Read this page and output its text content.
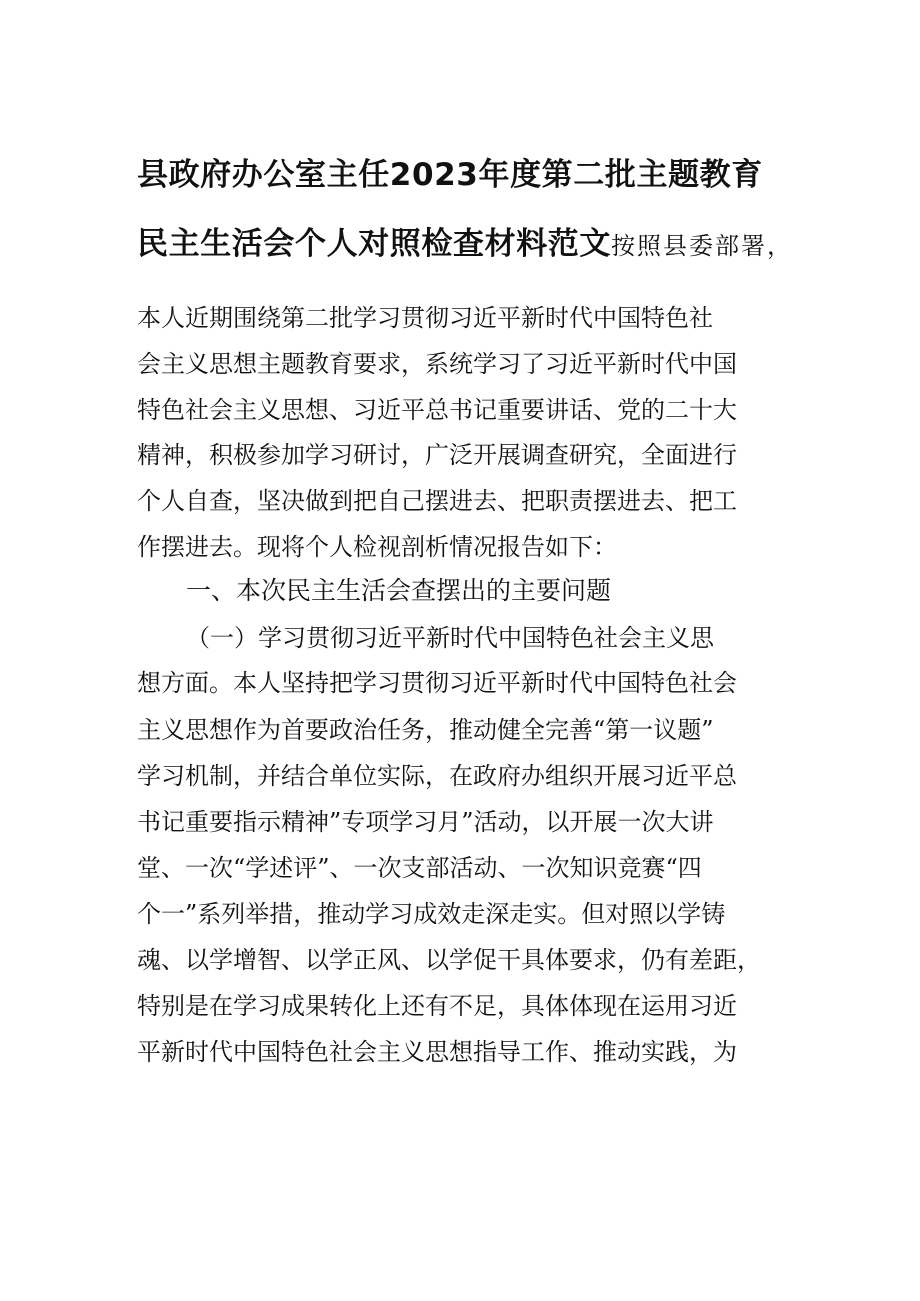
县政府办公室主任2023年度第二批主题教育
民主生活会个人对照检查材料范文按照县委部署，
本人近期围绕第二批学习贯彻习近平新时代中国特色社
会主义思想主题教育要求，系统学习了习近平新时代中国
特色社会主义思想、习近平总书记重要讲话、党的二十大
精神，积极参加学习研讨，广泛开展调查研究，全面进行
个人自查，坚决做到把自己摆进去、把职责摆进去、把工
作摆进去。现将个人检视剖析情况报告如下：
一、本次民主生活会查摆出的主要问题
（一）学习贯彻习近平新时代中国特色社会主义思
想方面。本人坚持把学习贯彻习近平新时代中国特色社会
主义思想作为首要政治任务，推动健全完善“第一议题”
学习机制，并结合单位实际，在政府办组织开展习近平总
书记重要指示精神”专项学习月”活动，以开展一次大讲
堂、一次“学述评”、一次支部活动、一次知识竞赛“四
个一”系列举措，推动学习成效走深走实。但对照以学铸
魂、以学增智、以学正风、以学促干具体要求，仍有差距，
特别是在学习成果转化上还有不足，具体体现在运用习近
平新时代中国特色社会主义思想指导工作、推动实践，为
